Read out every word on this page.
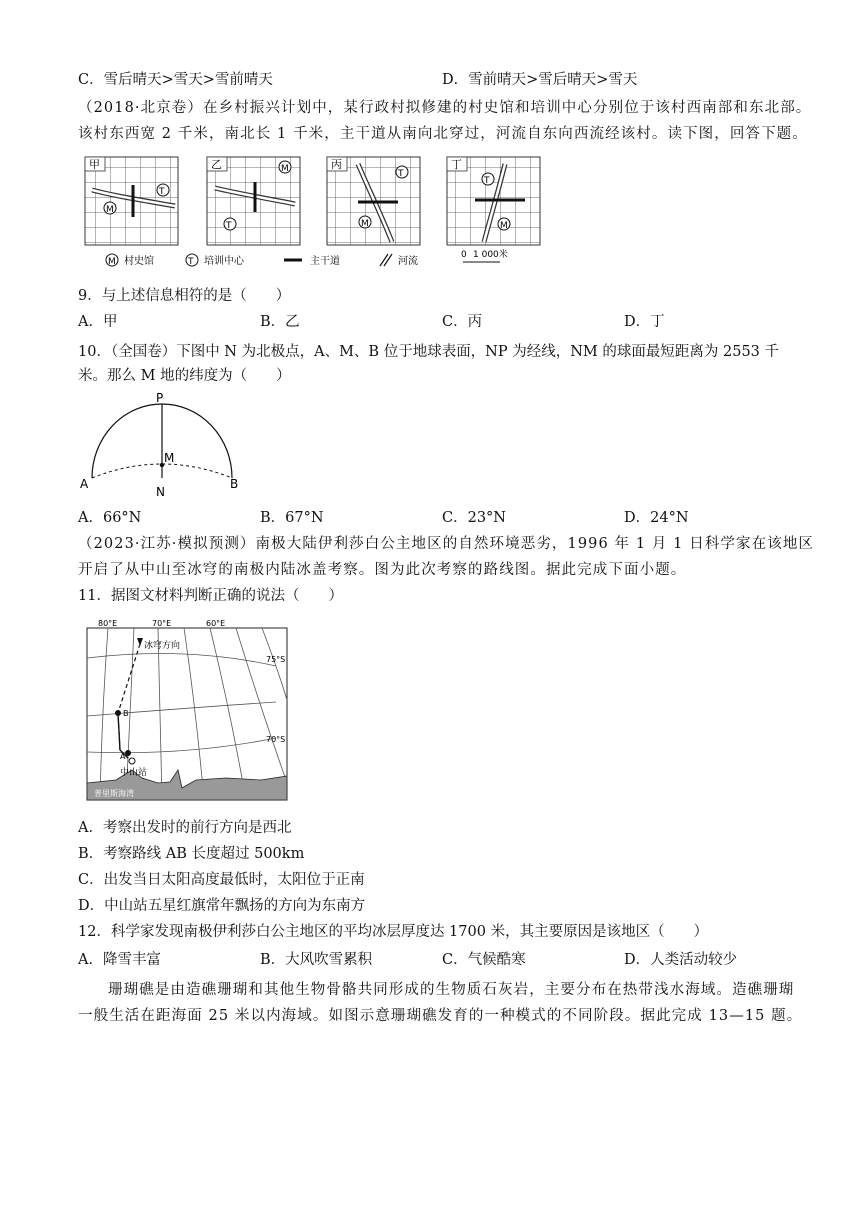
C．雪后晴天>雪天>雪前晴天	D．雪前晴天>雪后晴天>雪天
（2018·北京卷）在乡村振兴计划中，某行政村拟修建的村史馆和培训中心分别位于该村西南部和东北部。
该村东西宽 2 千米，南北长 1 千米，主干道从南向北穿过，河流自东向西流经该村。读下图，回答下题。
甲
T
M
乙	M
T
丙
T
M
丁
T
M
M 村史馆	T 培训中心	主干道	河流
0 1 000米
9．与上述信息相符的是（　　）
A．甲	B．乙	C．丙	D．丁
10．（全国卷）下图中 N 为北极点，A、M、B 位于地球表面，NP 为经线，NM 的球面最短距离为 2553 千
米。那么 M 地的纬度为（　　）
P
M
A
N
B
A．66°N	B．67°N	C．23°N	D．24°N
（2023·江苏·模拟预测）南极大陆伊利莎白公主地区的自然环境恶劣，1996 年 1 月 1 日科学家在该地区
开启了从中山至冰穹的南极内陆冰盖考察。图为此次考察的路线图。据此完成下面小题。
11．据图文材料判断正确的说法（　　）
80°E	70°E	60°E
75°S
70°S
冰穹方向
B
A
中山站
普里斯海湾
A．考察出发时的前行方向是西北
B．考察路线 AB 长度超过 500km
C．出发当日太阳高度最低时，太阳位于正南
D．中山站五星红旗常年飘扬的方向为东南方
12．科学家发现南极伊利莎白公主地区的平均冰层厚度达 1700 米，其主要原因是该地区（　　）
A．降雪丰富	B．大风吹雪累积	C．气候酷寒	D．人类活动较少
珊瑚礁是由造礁珊瑚和其他生物骨骼共同形成的生物质石灰岩，主要分布在热带浅水海域。造礁珊瑚
一般生活在距海面 25 米以内海域。如图示意珊瑚礁发育的一种模式的不同阶段。据此完成 13—15 题。
